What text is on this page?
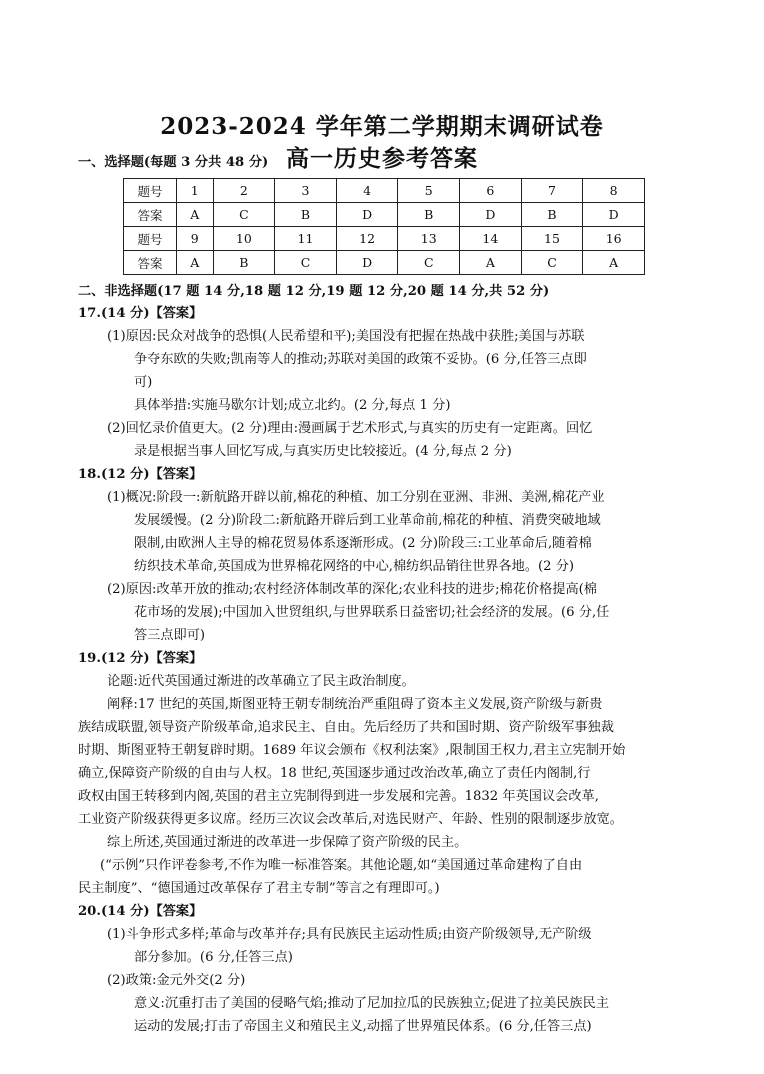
2023-2024 学年第二学期期末调研试卷
高一历史参考答案
一、选择题(每题 3 分共 48 分)
题号	1	2	3	4	5	6	7	8
答案	A	C	B	D	B	D	B	D
题号	9	10	11	12	13	14	15	16
答案	A	B	C	D	C	A	C	A
二、非选择题(17 题 14 分,18 题 12 分,19 题 12 分,20 题 14 分,共 52 分)
17.(14 分)【答案】
(1)原因:民众对战争的恐惧(人民希望和平);美国没有把握在热战中获胜;美国与苏联
争夺东欧的失败;凯南等人的推动;苏联对美国的政策不妥协。(6 分,任答三点即
可)
具体举措:实施马歇尔计划;成立北约。(2 分,每点 1 分)
(2)回忆录价值更大。(2 分)理由:漫画属于艺术形式,与真实的历史有一定距离。回忆
录是根据当事人回忆写成,与真实历史比较接近。(4 分,每点 2 分)
18.(12 分)【答案】
(1)概况:阶段一:新航路开辟以前,棉花的种植、加工分别在亚洲、非洲、美洲,棉花产业
发展缓慢。(2 分)阶段二:新航路开辟后到工业革命前,棉花的种植、消费突破地域
限制,由欧洲人主导的棉花贸易体系逐渐形成。(2 分)阶段三:工业革命后,随着棉
纺织技术革命,英国成为世界棉花网络的中心,棉纺织品销往世界各地。(2 分)
(2)原因:改革开放的推动;农村经济体制改革的深化;农业科技的进步;棉花价格提高(棉
花市场的发展);中国加入世贸组织,与世界联系日益密切;社会经济的发展。(6 分,任
答三点即可)
19.(12 分)【答案】
论题:近代英国通过渐进的改革确立了民主政治制度。
阐释:17 世纪的英国,斯图亚特王朝专制统治严重阻碍了资本主义发展,资产阶级与新贵
族结成联盟,领导资产阶级革命,追求民主、自由。先后经历了共和国时期、资产阶级军事独裁
时期、斯图亚特王朝复辟时期。1689 年议会颁布《权利法案》,限制国王权力,君主立宪制开始
确立,保障资产阶级的自由与人权。18 世纪,英国逐步通过改治改革,确立了责任内阁制,行
政权由国王转移到内阁,英国的君主立宪制得到进一步发展和完善。1832 年英国议会改革,
工业资产阶级获得更多议席。经历三次议会改革后,对选民财产、年龄、性别的限制逐步放宽。
综上所述,英国通过渐进的改革进一步保障了资产阶级的民主。
(“示例”只作评卷参考,不作为唯一标准答案。其他论题,如“美国通过革命建构了自由
民主制度”、“德国通过改革保存了君主专制”等言之有理即可。)
20.(14 分)【答案】
(1)斗争形式多样;革命与改革并存;具有民族民主运动性质;由资产阶级领导,无产阶级
部分参加。(6 分,任答三点)
(2)政策:金元外交(2 分)
意义:沉重打击了美国的侵略气焰;推动了尼加拉瓜的民族独立;促进了拉美民族民主
运动的发展;打击了帝国主义和殖民主义,动摇了世界殖民体系。(6 分,任答三点)
